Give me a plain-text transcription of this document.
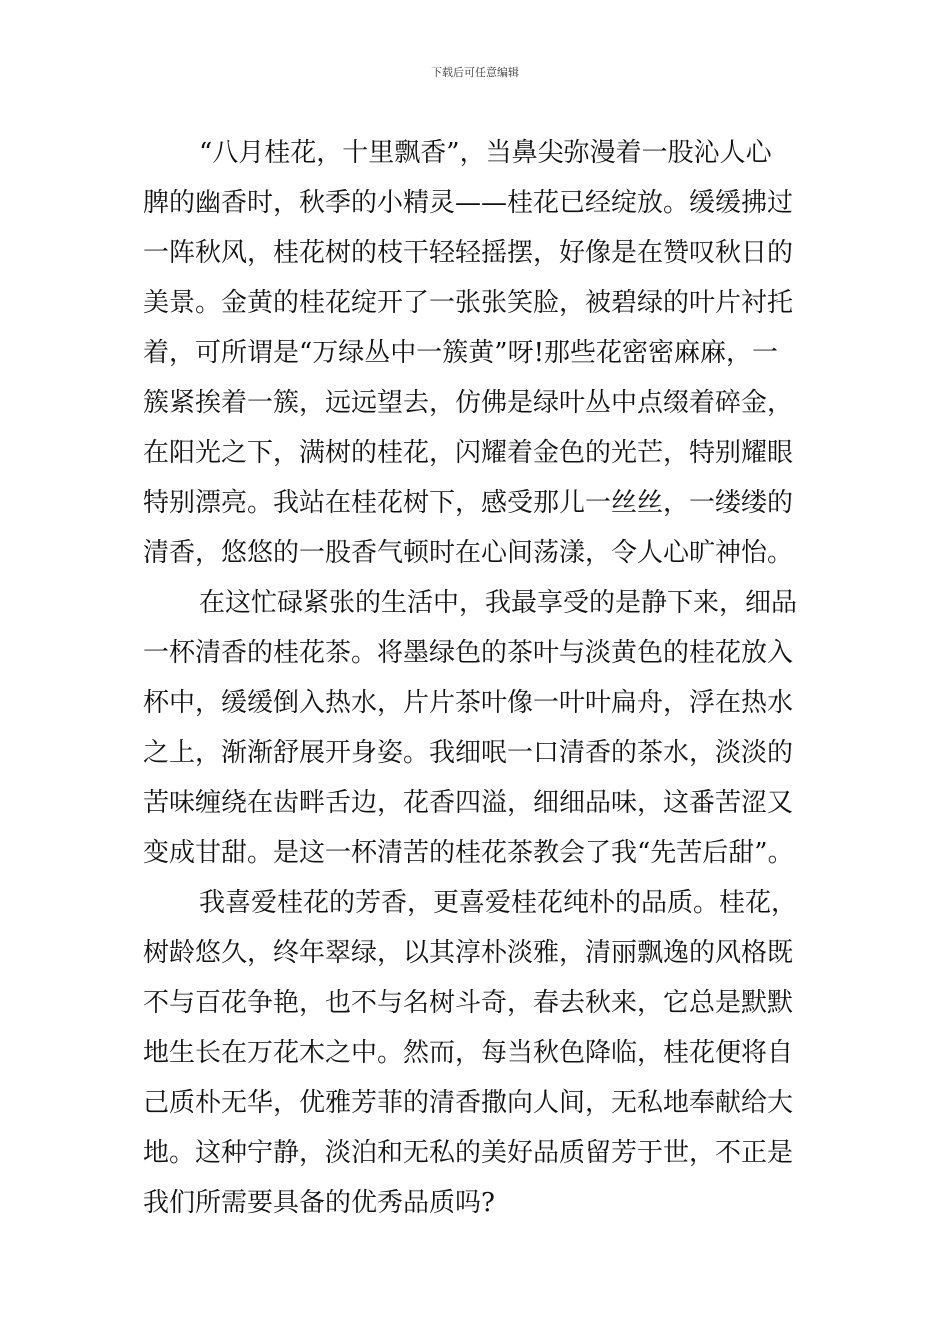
下载后可任意编辑
“八月桂花，十里飘香”，当鼻尖弥漫着一股沁人心
脾的幽香时，秋季的小精灵——桂花已经绽放。缓缓拂过
一阵秋风，桂花树的枝干轻轻摇摆，好像是在赞叹秋日的
美景。金黄的桂花绽开了一张张笑脸，被碧绿的叶片衬托
着，可所谓是“万绿丛中一簇黄”呀!那些花密密麻麻，一
簇紧挨着一簇，远远望去，仿佛是绿叶丛中点缀着碎金，
在阳光之下，满树的桂花，闪耀着金色的光芒，特别耀眼
特别漂亮。我站在桂花树下，感受那儿一丝丝，一缕缕的
清香，悠悠的一股香气顿时在心间荡漾，令人心旷神怡。
在这忙碌紧张的生活中，我最享受的是静下来，细品
一杯清香的桂花茶。将墨绿色的茶叶与淡黄色的桂花放入
杯中，缓缓倒入热水，片片茶叶像一叶叶扁舟，浮在热水
之上，渐渐舒展开身姿。我细呡一口清香的茶水，淡淡的
苦味缠绕在齿畔舌边，花香四溢，细细品味，这番苦涩又
变成甘甜。是这一杯清苦的桂花茶教会了我“先苦后甜”。
我喜爱桂花的芳香，更喜爱桂花纯朴的品质。桂花，
树龄悠久，终年翠绿，以其淳朴淡雅，清丽飘逸的风格既
不与百花争艳，也不与名树斗奇，春去秋来，它总是默默
地生长在万花木之中。然而，每当秋色降临，桂花便将自
己质朴无华，优雅芳菲的清香撒向人间，无私地奉献给大
地。这种宁静，淡泊和无私的美好品质留芳于世，不正是
我们所需要具备的优秀品质吗?
